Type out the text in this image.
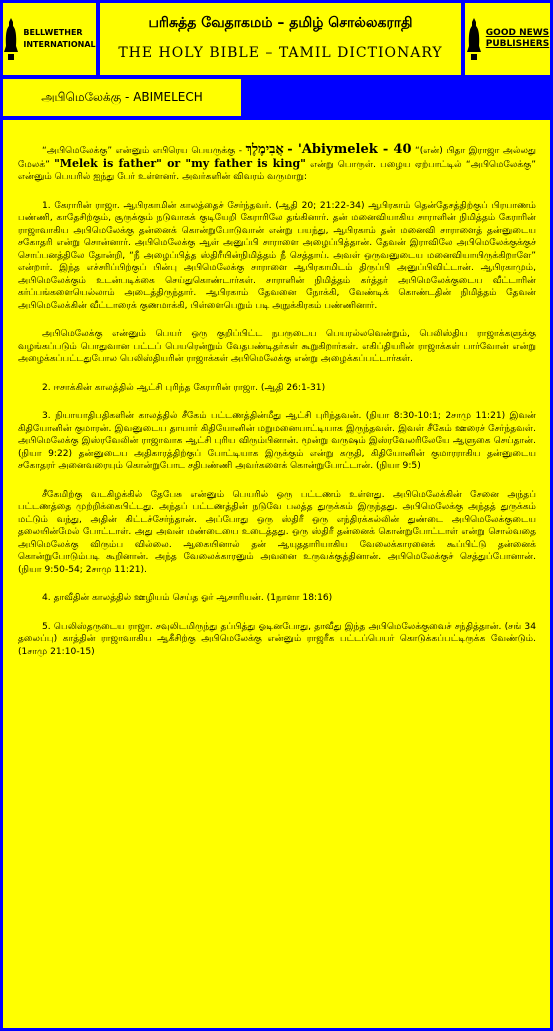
BELLWETHER
INTERNATIONAL
பரிசுத்த வேதாகமம் – தமிழ் சொல்லகராதி
THE HOLY BIBLE – TAMIL DICTIONARY
GOOD NEWS
PUBLISHERS
அபிமெலேக்கு - ABIMELECH

“அபிமெலேக்கு” என்னும் எபிரெய பெயருக்கு - אֲבִימֶלֶךְ - 'Abiymelek - 40 “(என்) பிதா இராஜா அல்லது மேலக்” "Melek is father" or "my father is king" என்று பொருள். பழைய ஏற்பாட்டில் “அபிமெலேக்கு” என்னும் பெயரில் ஐந்து பேர் உள்ளனர். அவர்களின் விவரம் வருமாறு:

1. கேராரின் ராஜா. ஆபிரகாமின் காலத்தைச் சேர்ந்தவர். (ஆதி 20; 21:22-34) ஆபிரகாம் தென்தேசத்திற்குப் பிரயாணம் பண்ணி, காதேசிற்கும், சூருக்கும் நடுவாகக் குடியேறி கேராரிலே தங்கினார். தன் மனைவியாகிய சாராளின் நிமித்தம் கேராரின் ராஜாவாகிய அபிமெலேக்கு தன்னைக் கொன்றுபோடுவான் என்று பயந்து, ஆபிரகாம் தன் மனைவி சாராளைத் தன்னுடைய சகோதரி என்று சொன்னார். அபிமெலேக்கு ஆள் அனுப்பி சாராளை அழைப்பித்தான். தேவன் இராவிலே அபிமெலேக்குக்குச் சொப்பனத்திலே தோன்றி, “நீ அழைப்பித்த ஸ்திரீயின்நிமித்தம் நீ செத்தாய். அவள் ஒருவனுடைய மனைவியாயிருக்கிறாளே” என்றார். இந்த எச்சரிப்பிற்குப் பின்பு அபிமெலேக்கு சாராளை ஆபிரகாமிடம் திருப்பி அனுப்பிவிட்டான். ஆபிரகாமும், அபிமெலேக்கும் உடன்படிக்கை செய்துகொண்டார்கள். சாராளின் நிமித்தம் கர்த்தர் அபிமெலேக்குடைய வீட்டாரின் கர்ப்பங்களையெல்லாம் அடைத்திருந்தார். ஆபிரகாம் தேவனை நோக்கி, வேண்டிக் கொண்டதின் நிமித்தம் தேவன் அபிமெலேக்கின் வீட்டாரைக் குணமாக்கி, பிள்ளைபெறும் படி அநுக்கிரகம் பண்ணினார்.

அபிமெலேக்கு என்னும் பெயர் ஒரு குறிப்பிட்ட நபருடைய பெயரல்லவென்றும், பெலிஸ்திய ராஜாக்களுக்கு வழங்கப்படும் பொதுவான பட்டப் பெயரென்றும் வேதபண்டிதர்கள் கூறுகிறார்கள். எகிப்தியரின் ராஜாக்கள் பார்வோன் என்று அழைக்கப்பட்டதுபோல பெலிஸ்தியரின் ராஜாக்கள் அபிமெலேக்கு என்று அழைக்கப்பட்டார்கள்.

2. ஈசாக்கின் காலத்தில் ஆட்சி புரிந்த கேராரின் ராஜா. (ஆதி 26:1-31)

3. நியாயாதிபதிகளின் காலத்தில் சீகேம் பட்டணத்தின்மீது ஆட்சி புரிந்தவன். (நியா 8:30-10:1; 2சாமு 11:21) இவன் கிதியோனின் குமாரன். இவனுடைய தாயார் கிதியோனின் மறுமனையாட்டியாக இருந்தவள். இவள் சீகேம் ஊரைச் சேர்ந்தவள். அபிமெலேக்கு இஸ்ரவேலின் ராஜாவாக ஆட்சி புரிய விரும்பினான். மூன்று வருஷம் இஸ்ரவேலரிலேயே ஆளுகை செய்தான். (நியா 9:22) தன்னுடைய அதிகாரத்திற்குப் போட்டியாக இருக்கும் என்று கருதி, கிதியோனின் குமாரராகிய தன்னுடைய சகோதரர் அனைவரையும் கொன்றுபோட சதிபண்ணி அவர்களைக் கொன்றுபோட்டான். (நியா 9:5)

சீகேமிற்கு வடகிழக்கில் தேபேசு என்னும் பெயரில் ஒரு பட்டணம் உள்ளது. அபிமெலேக்கின் சேனை அந்தப் பட்டணத்தை முற்றிக்கைபிட்டது. அந்தப் பட்டணத்தின் நடுவே பலத்த துருக்கம் இருந்தது. அபிமெலேக்கு அந்தத் துருக்கம் மட்டும் வந்து, அதின் கிட்டச்சேர்ந்தான். அப்போது ஒரு ஸ்திரீ ஒரு எந்திரக்கல்லின் துண்டை அபிமெலேக்குடைய தலையின்மேல் போட்டாள். அது அவன் மண்டையை உடைத்தது. ஒரு ஸ்திரீ தன்னைக் கொன்றுபோட்டாள் என்று சொல்வதை அபிமெலேக்கு விரும்ப வில்லை. ஆகையினால் தன் ஆயுததாரியாகிய வேலைக்காரனைக் கூப்பிட்டு தன்னைக் கொன்றுபோடும்படி கூறினான். அந்த வேலைக்காரனும் அவனை உருவக்குத்தினான். அபிமெலேக்குச் செத்துப்போனான். (நியா 9:50-54; 2சாமு 11:21).

4. தாவீதின் காலத்தில் ஊழியம் செய்த ஓர் ஆசாரியன். (1நாளா 18:16)

5. பெலிஸ்தருடைய ராஜா. சவுலிடமிருந்து தப்பித்து ஓடினபோது, தாவீது இந்த அபிமெலேக்குவைச் சந்தித்தான். (சங் 34 தலைப்பு) காத்தின் ராஜாவாகிய ஆகீசிற்கு அபிமெலேக்கு என்னும் ராஜரீக பட்டப்பெயர் கொடுக்கப்பட்டிருக்க வேண்டும். (1சாமு 21:10-15)
